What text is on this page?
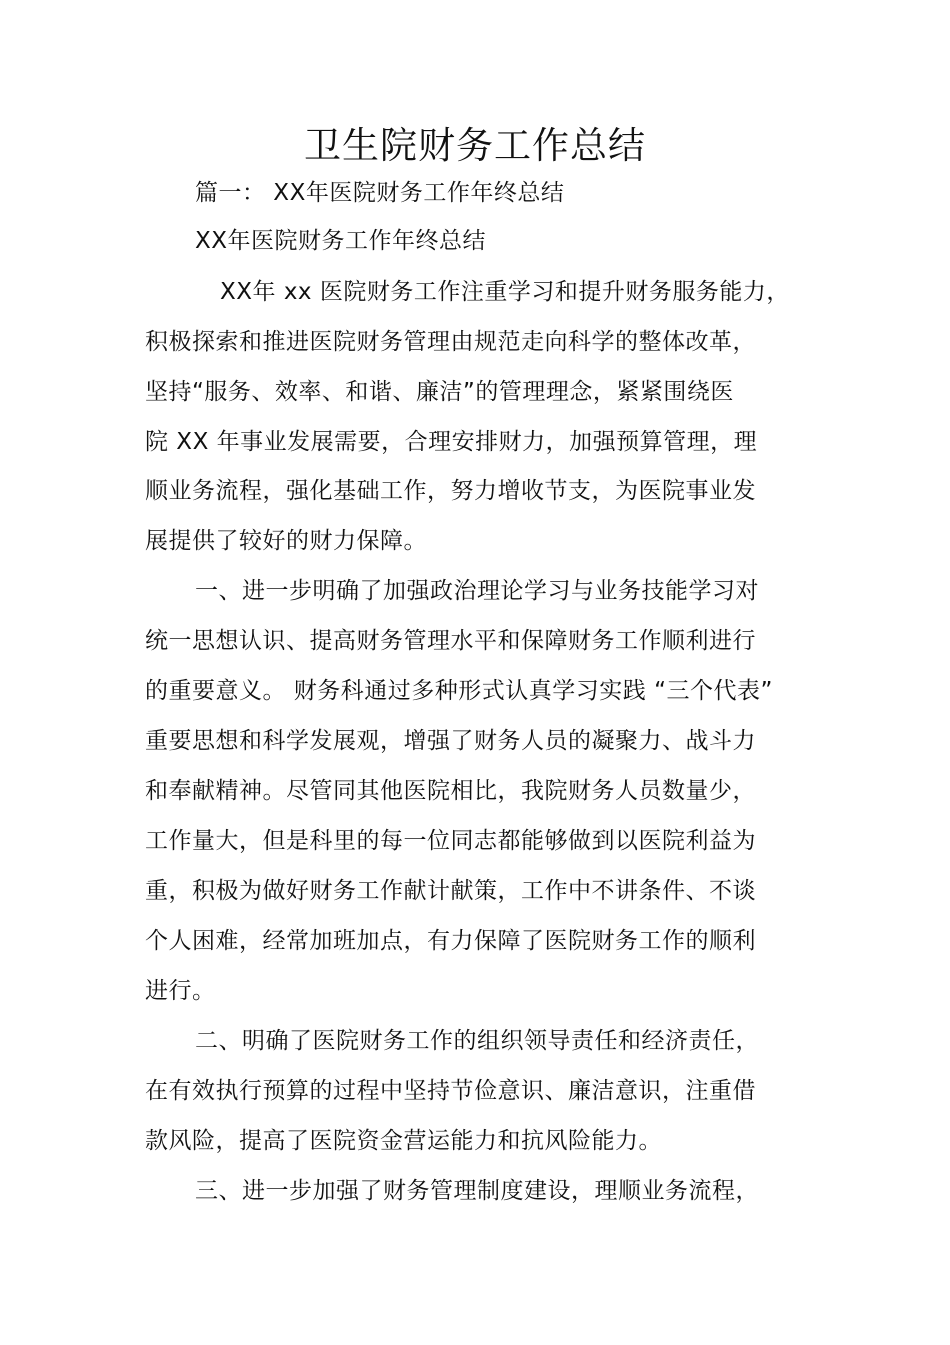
卫生院财务工作总结
篇一： XX年医院财务工作年终总结
XX年医院财务工作年终总结
XX年 xx 医院财务工作注重学习和提升财务服务能力，
积极探索和推进医院财务管理由规范走向科学的整体改革，
坚持“服务、效率、和谐、廉洁”的管理理念，紧紧围绕医
院 XX 年事业发展需要，合理安排财力，加强预算管理，理
顺业务流程，强化基础工作，努力增收节支，为医院事业发
展提供了较好的财力保障。
一、进一步明确了加强政治理论学习与业务技能学习对
统一思想认识、提高财务管理水平和保障财务工作顺利进行
的重要意义。 财务科通过多种形式认真学习实践 “三个代表”
重要思想和科学发展观，增强了财务人员的凝聚力、战斗力
和奉献精神。尽管同其他医院相比，我院财务人员数量少，
工作量大，但是科里的每一位同志都能够做到以医院利益为
重，积极为做好财务工作献计献策，工作中不讲条件、不谈
个人困难，经常加班加点，有力保障了医院财务工作的顺利
进行。
二、明确了医院财务工作的组织领导责任和经济责任，
在有效执行预算的过程中坚持节俭意识、廉洁意识，注重借
款风险，提高了医院资金营运能力和抗风险能力。
三、进一步加强了财务管理制度建设，理顺业务流程，
